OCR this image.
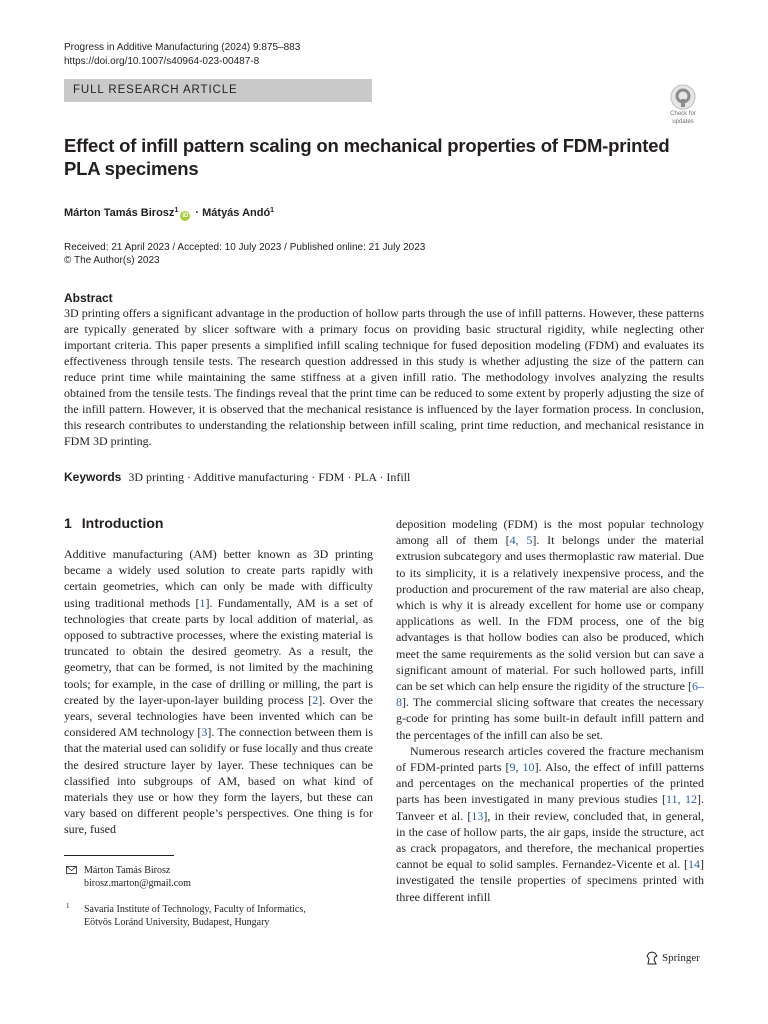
Progress in Additive Manufacturing (2024) 9:875–883
https://doi.org/10.1007/s40964-023-00487-8
FULL RESEARCH ARTICLE
Check for
updates
Effect of infill pattern scaling on mechanical properties of FDM-printed
PLA specimens
Márton Tamás Birosz$^1$iD · Mátyás Andó$^1$
Received: 21 April 2023 / Accepted: 10 July 2023 / Published online: 21 July 2023
© The Author(s) 2023
Abstract
3D printing offers a significant advantage in the production of hollow parts through the use of infill patterns. However, these patterns are typically generated by slicer software with a primary focus on providing basic structural rigidity, while neglecting other important criteria. This paper presents a simplified infill scaling technique for fused deposition modeling (FDM) and evaluates its effectiveness through tensile tests. The research question addressed in this study is whether adjusting the size of the pattern can reduce print time while maintaining the same stiffness at a given infill ratio. The methodology involves analyzing the results obtained from the tensile tests. The findings reveal that the print time can be reduced to some extent by properly adjusting the size of the infill pattern. However, it is observed that the mechanical resistance is influenced by the layer formation process. In conclusion, this research contributes to understanding the relationship between infill scaling, print time reduction, and mechanical resistance in FDM 3D printing.
Keywords 3D printing · Additive manufacturing · FDM · PLA · Infill
1 Introduction

Additive manufacturing (AM) better known as 3D printing became a widely used solution to create parts rapidly with certain geometries, which can only be made with difficulty using traditional methods [1]. Fundamentally, AM is a set of technologies that create parts by local addition of material, as opposed to subtractive processes, where the existing material is truncated to obtain the desired geometry. As a result, the geometry, that can be formed, is not limited by the machining tools; for example, in the case of drilling or milling, the part is created by the layer-upon-layer building process [2]. Over the years, several technologies have been invented which can be considered AM technology [3]. The connection between them is that the material used can solidify or fuse locally and thus create the desired structure layer by layer. These techniques can be classified into subgroups of AM, based on what kind of materials they use or how they form the layers, but these can vary based on different people’s perspectives. One thing is for sure, fused

deposition modeling (FDM) is the most popular technology among all of them [4, 5]. It belongs under the material extrusion subcategory and uses thermoplastic raw material. Due to its simplicity, it is a relatively inexpensive process, and the production and procurement of the raw material are also cheap, which is why it is already excellent for home use or company applications as well. In the FDM process, one of the big advantages is that hollow bodies can also be produced, which meet the same requirements as the solid version but can save a significant amount of material. For such hollowed parts, infill can be set which can help ensure the rigidity of the structure [6–8]. The commercial slicing software that creates the necessary g-code for printing has some built-in default infill pattern and the percentages of the infill can also be set.

Numerous research articles covered the fracture mechanism of FDM-printed parts [9, 10]. Also, the effect of infill patterns and percentages on the mechanical properties of the printed parts has been investigated in many previous studies [11, 12]. Tanveer et al. [13], in their review, concluded that, in general, in the case of hollow parts, the air gaps, inside the structure, act as crack propagators, and therefore, the mechanical properties cannot be equal to solid samples. Fernandez-Vicente et al. [14] investigated the tensile properties of specimens printed with three different infill

Márton Tamás Birosz
birosz.marton@gmail.com
1 Savaria Institute of Technology, Faculty of Informatics,
Eötvös Loránd University, Budapest, Hungary
Springer
